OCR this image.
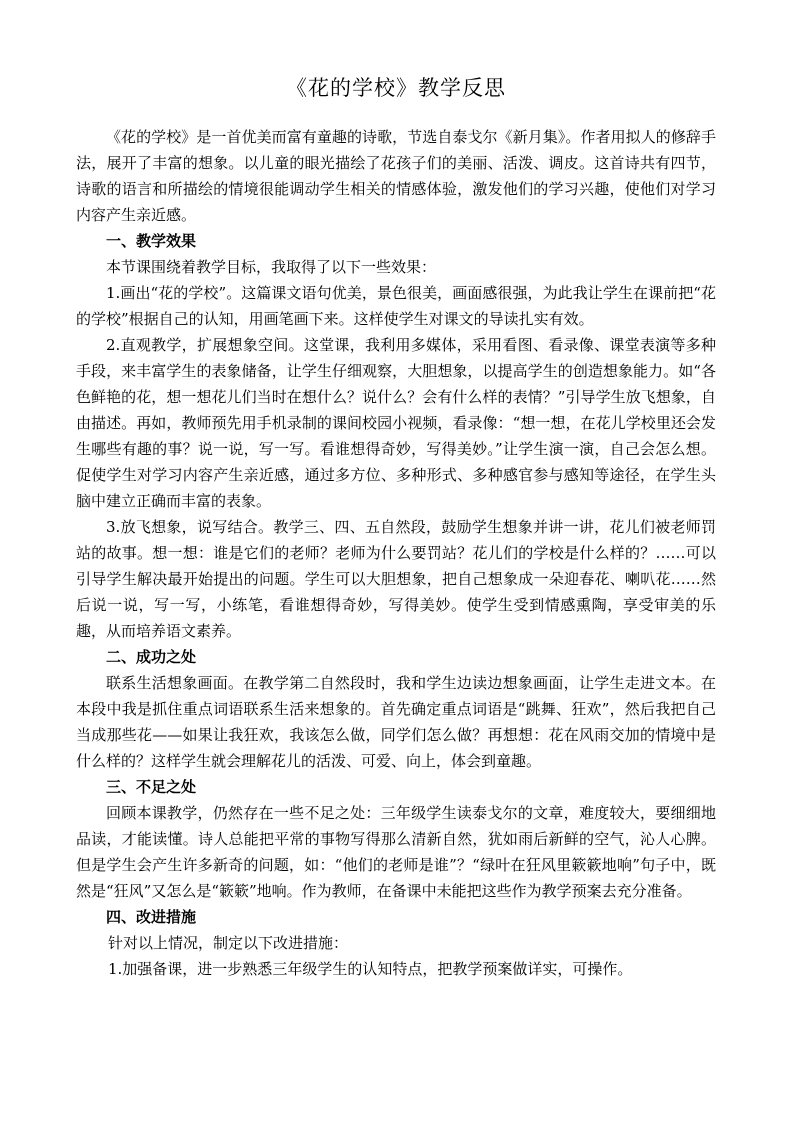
《花的学校》教学反思

《花的学校》是一首优美而富有童趣的诗歌，节选自泰戈尔《新月集》。作者用拟人的修辞手法，展开了丰富的想象。以儿童的眼光描绘了花孩子们的美丽、活泼、调皮。这首诗共有四节，诗歌的语言和所描绘的情境很能调动学生相关的情感体验，激发他们的学习兴趣，使他们对学习内容产生亲近感。

一、教学效果

本节课围绕着教学目标，我取得了以下一些效果：

1.画出“花的学校”。这篇课文语句优美，景色很美，画面感很强，为此我让学生在课前把“花的学校”根据自己的认知，用画笔画下来。这样使学生对课文的导读扎实有效。

2.直观教学，扩展想象空间。这堂课，我利用多媒体，采用看图、看录像、课堂表演等多种手段，来丰富学生的表象储备，让学生仔细观察，大胆想象，以提高学生的创造想象能力。如“各色鲜艳的花，想一想花儿们当时在想什么？说什么？会有什么样的表情？”引导学生放飞想象，自由描述。再如，教师预先用手机录制的课间校园小视频，看录像：“想一想，在花儿学校里还会发生哪些有趣的事？说一说，写一写。看谁想得奇妙，写得美妙。”让学生演一演，自己会怎么想。促使学生对学习内容产生亲近感，通过多方位、多种形式、多种感官参与感知等途径，在学生头脑中建立正确而丰富的表象。

3.放飞想象，说写结合。教学三、四、五自然段，鼓励学生想象并讲一讲，花儿们被老师罚站的故事。想一想：谁是它们的老师？老师为什么要罚站？花儿们的学校是什么样的？……可以引导学生解决最开始提出的问题。学生可以大胆想象，把自己想象成一朵迎春花、喇叭花……然后说一说，写一写，小练笔，看谁想得奇妙，写得美妙。使学生受到情感熏陶，享受审美的乐趣，从而培养语文素养。

二、成功之处

联系生活想象画面。在教学第二自然段时，我和学生边读边想象画面，让学生走进文本。在本段中我是抓住重点词语联系生活来想象的。首先确定重点词语是“跳舞、狂欢”，然后我把自己当成那些花——如果让我狂欢，我该怎么做，同学们怎么做？再想想：花在风雨交加的情境中是什么样的？这样学生就会理解花儿的活泼、可爱、向上，体会到童趣。

三、不足之处

回顾本课教学，仍然存在一些不足之处：三年级学生读泰戈尔的文章，难度较大，要细细地品读，才能读懂。诗人总能把平常的事物写得那么清新自然，犹如雨后新鲜的空气，沁人心脾。但是学生会产生许多新奇的问题，如：“他们的老师是谁”？“绿叶在狂风里簌簌地响”句子中，既然是“狂风”又怎么是“簌簌”地响。作为教师，在备课中未能把这些作为教学预案去充分准备。

四、改进措施

针对以上情况，制定以下改进措施：

1.加强备课，进一步熟悉三年级学生的认知特点，把教学预案做详实，可操作。
